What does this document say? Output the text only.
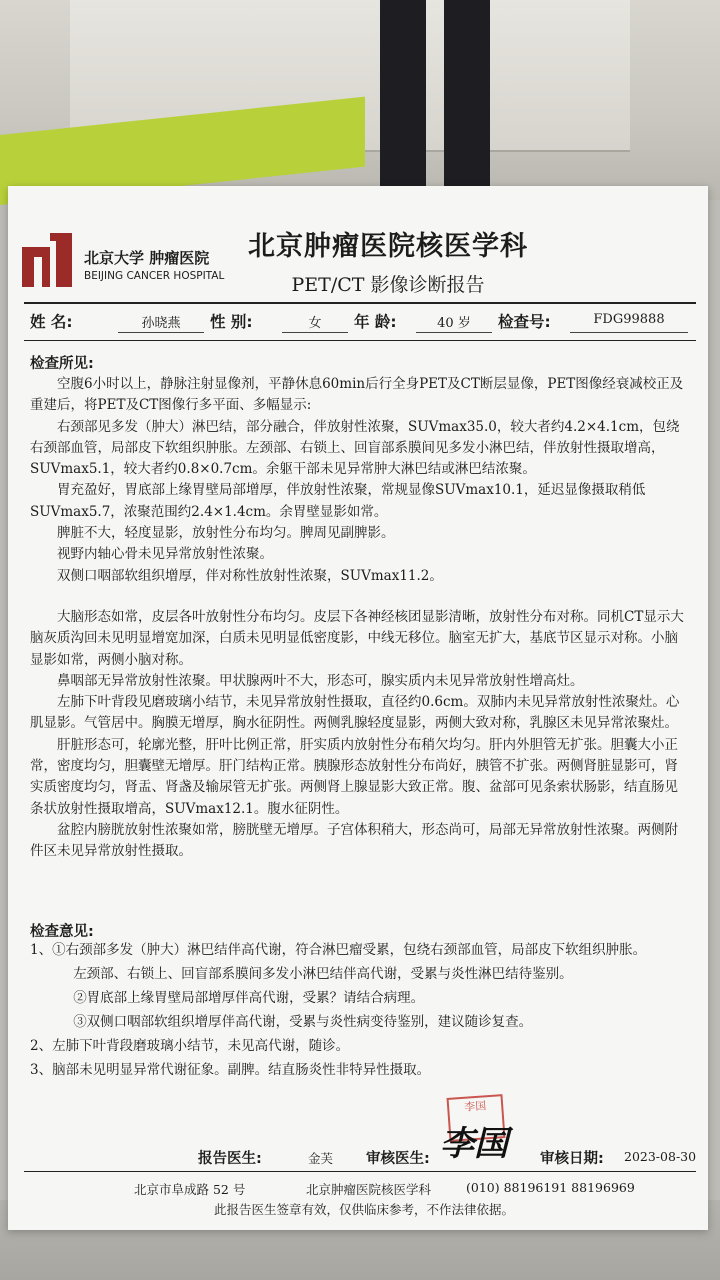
北京大学 肿瘤医院
BEIJING CANCER HOSPITAL
北京肿瘤医院核医学科
PET/CT 影像诊断报告
姓 名:	孙晓燕	性 别:	女	年 龄:	40 岁	检查号:	FDG99888
检查所见:

空腹6小时以上，静脉注射显像剂，平静休息60min后行全身PET及CT断层显像，PET图像经衰减校正及重建后，将PET及CT图像行多平面、多幅显示:

右颈部见多发（肿大）淋巴结，部分融合，伴放射性浓聚，SUVmax35.0，较大者约4.2×4.1cm，包绕右颈部血管，局部皮下软组织肿胀。左颈部、右锁上、回盲部系膜间见多发小淋巴结，伴放射性摄取增高，SUVmax5.1，较大者约0.8×0.7cm。余躯干部未见异常肿大淋巴结或淋巴结浓聚。

胃充盈好，胃底部上缘胃壁局部增厚，伴放射性浓聚，常规显像SUVmax10.1，延迟显像摄取稍低SUVmax5.7，浓聚范围约2.4×1.4cm。余胃壁显影如常。

脾脏不大，轻度显影，放射性分布均匀。脾周见副脾影。

视野内轴心骨未见异常放射性浓聚。

双侧口咽部软组织增厚，伴对称性放射性浓聚，SUVmax11.2。

大脑形态如常，皮层各叶放射性分布均匀。皮层下各神经核团显影清晰，放射性分布对称。同机CT显示大脑灰质沟回未见明显增宽加深，白质未见明显低密度影，中线无移位。脑室无扩大，基底节区显示对称。小脑显影如常，两侧小脑对称。

鼻咽部无异常放射性浓聚。甲状腺两叶不大，形态可，腺实质内未见异常放射性增高灶。

左肺下叶背段见磨玻璃小结节，未见异常放射性摄取，直径约0.6cm。双肺内未见异常放射性浓聚灶。心肌显影。气管居中。胸膜无增厚，胸水征阴性。两侧乳腺轻度显影，两侧大致对称，乳腺区未见异常浓聚灶。

肝脏形态可，轮廓光整，肝叶比例正常，肝实质内放射性分布稍欠均匀。肝内外胆管无扩张。胆囊大小正常，密度均匀，胆囊壁无增厚。肝门结构正常。胰腺形态放射性分布尚好，胰管不扩张。两侧肾脏显影可，肾实质密度均匀，肾盂、肾盏及输尿管无扩张。两侧肾上腺显影大致正常。腹、盆部可见条索状肠影，结直肠见条状放射性摄取增高，SUVmax12.1。腹水征阴性。

盆腔内膀胱放射性浓聚如常，膀胱壁无增厚。子宫体积稍大，形态尚可，局部无异常放射性浓聚。两侧附件区未见异常放射性摄取。

检查意见:

1、①右颈部多发（肿大）淋巴结伴高代谢，符合淋巴瘤受累，包绕右颈部血管，局部皮下软组织肿胀。

左颈部、右锁上、回盲部系膜间多发小淋巴结伴高代谢，受累与炎性淋巴结待鉴别。

②胃底部上缘胃壁局部增厚伴高代谢，受累？请结合病理。

③双侧口咽部软组织增厚伴高代谢，受累与炎性病变待鉴别，建议随诊复查。

2、左肺下叶背段磨玻璃小结节，未见高代谢，随诊。

3、脑部未见明显异常代谢征象。副脾。结直肠炎性非特异性摄取。

李国
李国
报告医生:	金芙 审核医生:	审核日期: 2023-08-30
北京市阜成路 52 号	北京肿瘤医院核医学科	(010) 88196191 88196969
此报告医生签章有效，仅供临床参考，不作法律依据。
